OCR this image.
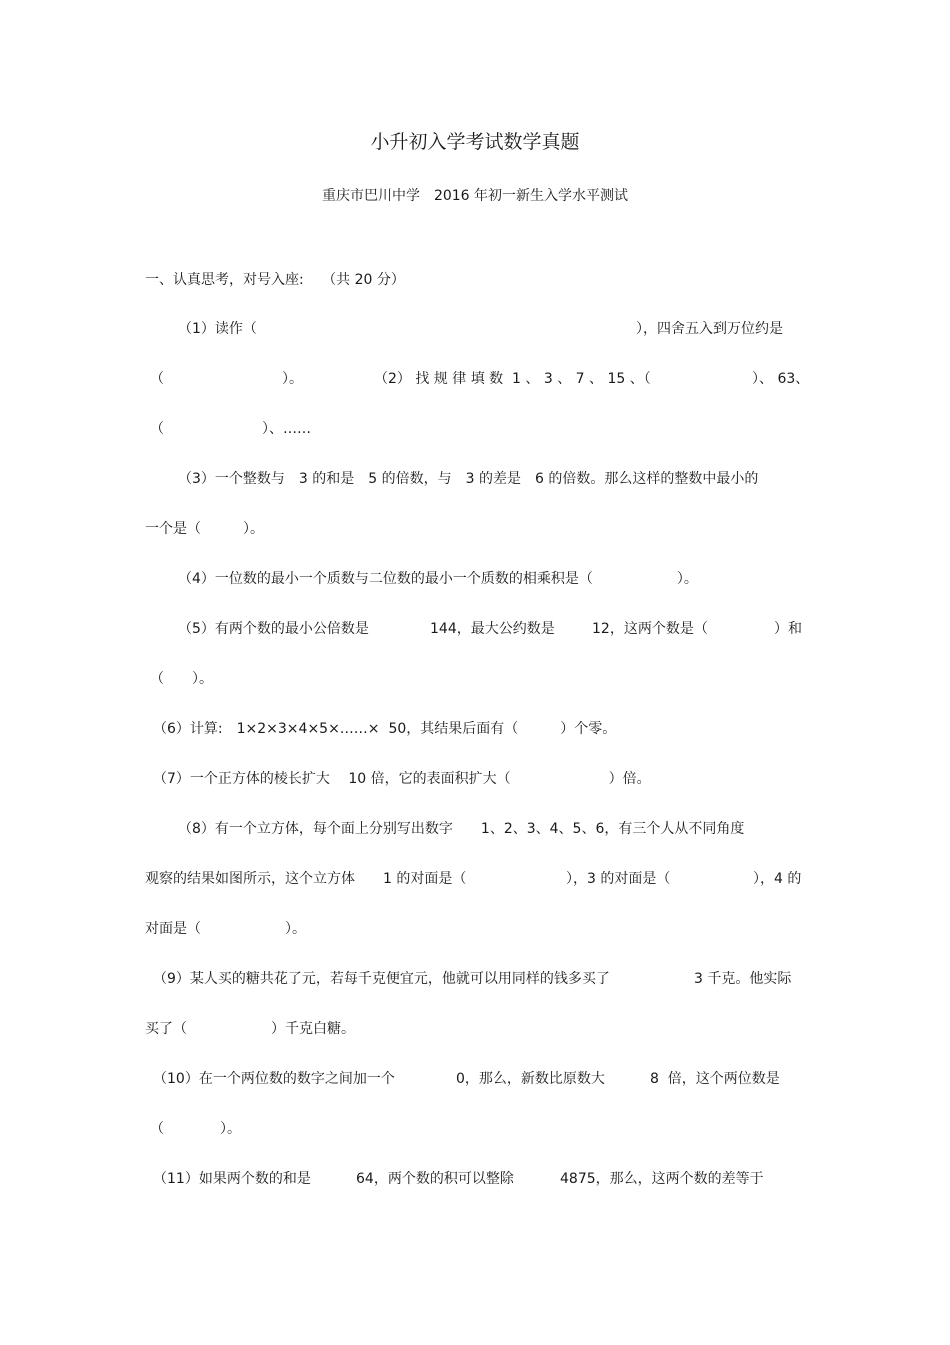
小升初入学考试数学真题
重庆市巴川中学　2016 年初一新生入学水平测试
一、认真思考，对号入座:　 （共 20 分）
（1）读作（	），四舍五入到万位约是
（	）。	（2） 找 规 律 填 数  1 、 3 、 7 、 15 、（	）、 63、
（　　　　　　　）、……
（3）一个整数与　3 的和是　5 的倍数，与　3 的差是　6 的倍数。那么这样的整数中最小的
一个是（　　　）。
（4）一位数的最小一个质数与二位数的最小一个质数的相乘积是（　　　　　　）。
（5）有两个数的最小公倍数是	144，最大公约数是	12，这两个数是（	）和
（　　）。
（6）计算:　1×2×3×4×5×……×  50，其结果后面有（　　　）个零。
（7）一个正方体的棱长扩大　 10 倍，它的表面积扩大（　　　　　　　）倍。
（8）有一个立方体，每个面上分别写出数字　　1、2、3、4、5、6，有三个人从不同角度
观察的结果如图所示，这个立方体　　1 的对面是（	），3 的对面是（	），4 的
对面是（　　　　　　）。
（9）某人买的糖共花了元，若每千克便宜元，他就可以用同样的钱多买了	3 千克。他实际
买了（　　　　　　）千克白糖。
（10）在一个两位数的数字之间加一个	0，那么，新数比原数大	8  倍，这个两位数是
（　　　　）。
（11）如果两个数的和是	64，两个数的积可以整除	4875，那么，这两个数的差等于
